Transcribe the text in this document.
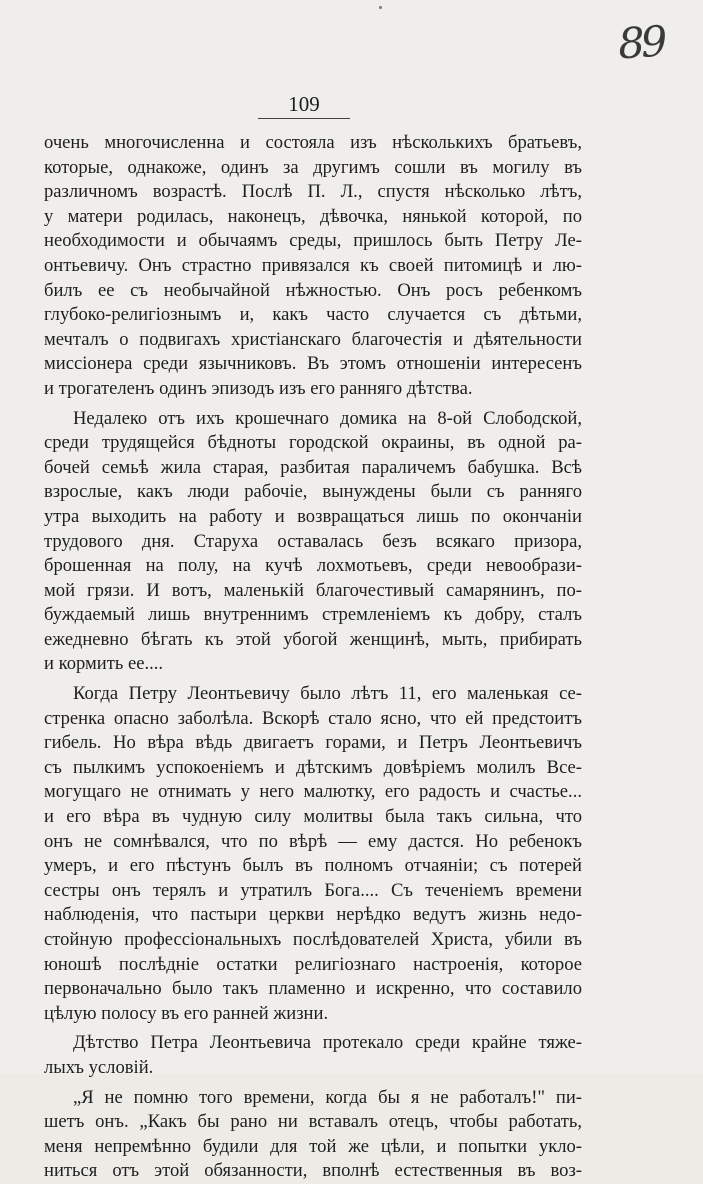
89
109
очень многочисленна и состояла изъ нѣсколькихъ братьевъ,
которые, однакоже, одинъ за другимъ сошли въ могилу въ
различномъ возрастѣ. Послѣ П. Л., спустя нѣсколько лѣтъ,
у матери родилась, наконецъ, дѣвочка, нянькой которой, по
необходимости и обычаямъ среды, пришлось быть Петру Ле-
онтьевичу. Онъ страстно привязался къ своей питомицѣ и лю-
билъ ее съ необычайной нѣжностью. Онъ росъ ребенкомъ
глубоко-религіознымъ и, какъ часто случается съ дѣтьми,
мечталъ о подвигахъ христіанскаго благочестія и дѣятельности
миссіонера среди язычниковъ. Въ этомъ отношеніи интересенъ
и трогателенъ одинъ эпизодъ изъ его ранняго дѣтства.
Недалеко отъ ихъ крошечнаго домика на 8-ой Слободской,
среди трудящейся бѣдноты городской окраины, въ одной ра-
бочей семьѣ жила старая, разбитая параличемъ бабушка. Всѣ
взрослые, какъ люди рабочіе, вынуждены были съ ранняго
утра выходить на работу и возвращаться лишь по окончаніи
трудового дня. Старуха оставалась безъ всякаго призора,
брошенная на полу, на кучѣ лохмотьевъ, среди невообрази-
мой грязи. И вотъ, маленькій благочестивый самарянинъ, по-
буждаемый лишь внутреннимъ стремленіемъ къ добру, сталъ
ежедневно бѣгать къ этой убогой женщинѣ, мыть, прибирать
и кормить ее....
Когда Петру Леонтьевичу было лѣтъ 11, его маленькая се-
стренка опасно заболѣла. Вскорѣ стало ясно, что ей предстоитъ
гибель. Но вѣра вѣдь двигаетъ горами, и Петръ Леонтьевичъ
съ пылкимъ успокоеніемъ и дѣтскимъ довѣріемъ молилъ Все-
могущаго не отнимать у него малютку, его радость и счастье...
и его вѣра въ чудную силу молитвы была такъ сильна, что
онъ не сомнѣвался, что по вѣрѣ — ему дастся. Но ребенокъ
умеръ, и его пѣстунъ былъ въ полномъ отчаяніи; съ потерей
сестры онъ терялъ и утратилъ Бога.... Съ теченіемъ времени
наблюденія, что пастыри церкви нерѣдко ведутъ жизнь недо-
стойную профессіональныхъ послѣдователей Христа, убили въ
юношѣ послѣдніе остатки религіознаго настроенія, которое
первоначально было такъ пламенно и искренно, что составило
цѣлую полосу въ его ранней жизни.
Дѣтство Петра Леонтьевича протекало среди крайне тяже-
лыхъ условій.
„Я не помню того времени, когда бы я не работалъ!" пи-
шетъ онъ. „Какъ бы рано ни вставалъ отецъ, чтобы работать,
меня непремѣнно будили для той же цѣли, и попытки укло-
ниться отъ этой обязанности, вполнѣ естественныя въ воз-
